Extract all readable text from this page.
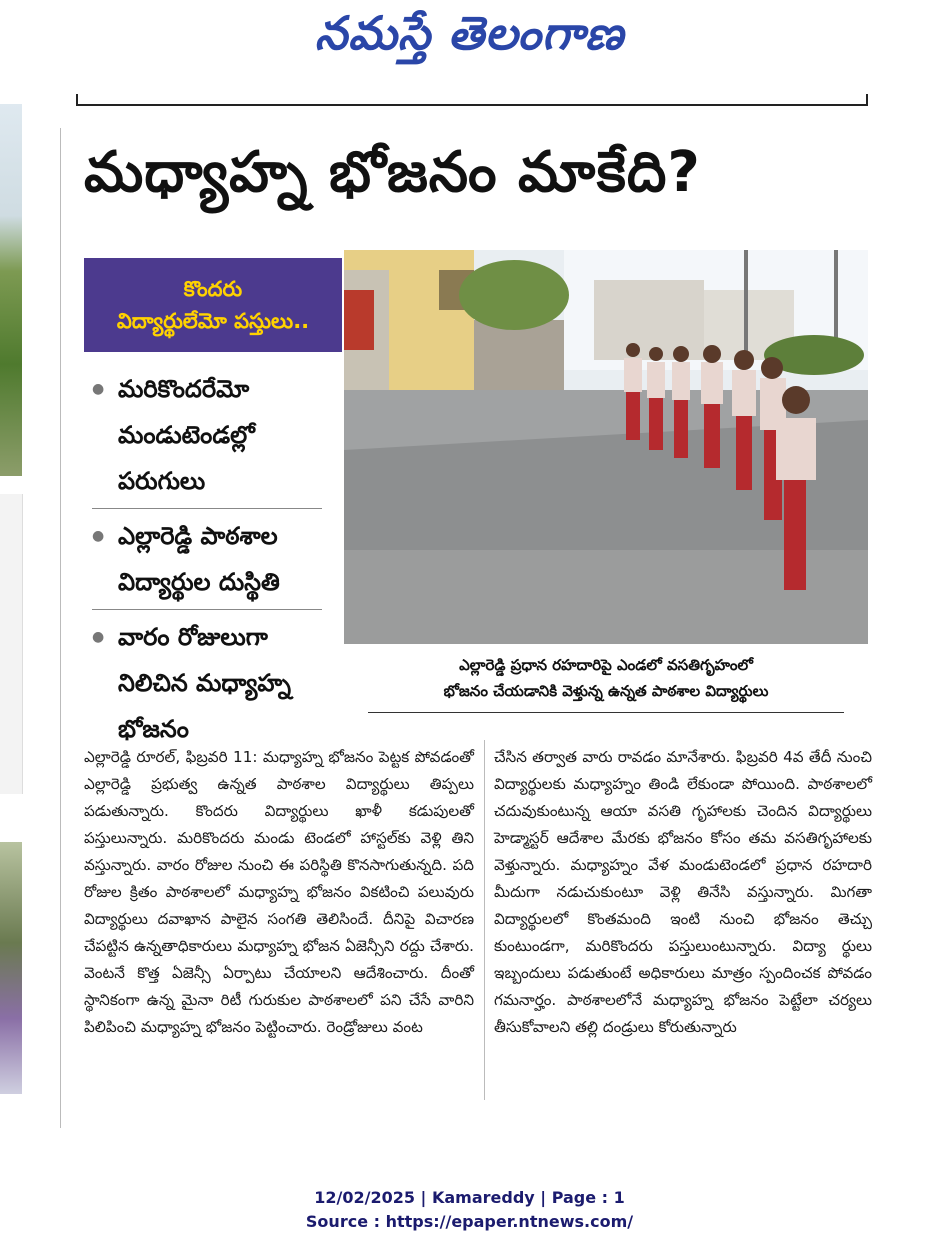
నమస్తే తెలంగాణ
మధ్యాహ్న భోజనం మాకేది?
కొందరు
విద్యార్థులేమో పస్తులు..
● మరికొందరేమో మండుటెండల్లో పరుగులు
● ఎల్లారెడ్డి పాఠశాల విద్యార్థుల దుస్థితి
● వారం రోజులుగా నిలిచిన మధ్యాహ్న భోజనం
ఎల్లారెడ్డి ప్రధాన రహదారిపై ఎండలో వసతిగృహంలో
భోజనం చేయడానికి వెళ్తున్న ఉన్నత పాఠశాల విద్యార్థులు
ఎల్లారెడ్డి రూరల్, ఫిబ్రవరి 11: మధ్యాహ్న భోజనం పెట్టక పోవడంతో ఎల్లారెడ్డి ప్రభుత్వ ఉన్నత పాఠశాల విద్యార్థులు తిప్పలు పడుతున్నారు. కొందరు విద్యార్థులు ఖాళీ కడుపులతో పస్తులున్నారు. మరికొందరు మండు టెండలో హాస్టల్‌కు వెళ్లి తిని వస్తున్నారు. వారం రోజుల నుంచి ఈ పరిస్థితి కొనసాగుతున్నది. పది రోజుల క్రితం పాఠశాలలో మధ్యాహ్న భోజనం వికటించి పలువురు విద్యార్థులు దవాఖాన పాలైన సంగతి తెలిసిందే. దీనిపై విచారణ చేపట్టిన ఉన్నతాధికారులు మధ్యాహ్న భోజన ఏజెన్సీని రద్దు చేశారు. వెంటనే కొత్త ఏజెన్సీ ఏర్పాటు చేయాలని ఆదేశించారు. దీంతో స్థానికంగా ఉన్న మైనా రిటీ గురుకుల పాఠశాలలో పని చేసే వారిని పిలిపించి మధ్యాహ్న భోజనం పెట్టించారు. రెండ్రోజులు వంట
చేసిన తర్వాత వారు రావడం మానేశారు. ఫిబ్రవరి 4వ తేదీ నుంచి విద్యార్థులకు మధ్యాహ్నం తిండి లేకుండా పోయింది. పాఠశాలలో చదువుకుంటున్న ఆయా వసతి గృహాలకు చెందిన విద్యార్థులు హెడ్మాస్టర్ ఆదేశాల మేరకు భోజనం కోసం తమ వసతిగృహాలకు వెళ్తున్నారు. మధ్యాహ్నం వేళ మండుటెండలో ప్రధాన రహదారి మీదుగా నడుచుకుంటూ వెళ్లి తినేసి వస్తున్నారు. మిగతా విద్యార్థులలో కొంతమంది ఇంటి నుంచి భోజనం తెచ్చు కుంటుండగా, మరికొందరు పస్తులుంటున్నారు. విద్యా ర్థులు ఇబ్బందులు పడుతుంటే అధికారులు మాత్రం స్పందించక పోవడం గమనార్హం. పాఠశాలలోనే మధ్యాహ్న భోజనం పెట్టేలా చర్యలు తీసుకోవాలని తల్లి దండ్రులు కోరుతున్నారు
12/02/2025 | Kamareddy | Page : 1
Source : https://epaper.ntnews.com/
